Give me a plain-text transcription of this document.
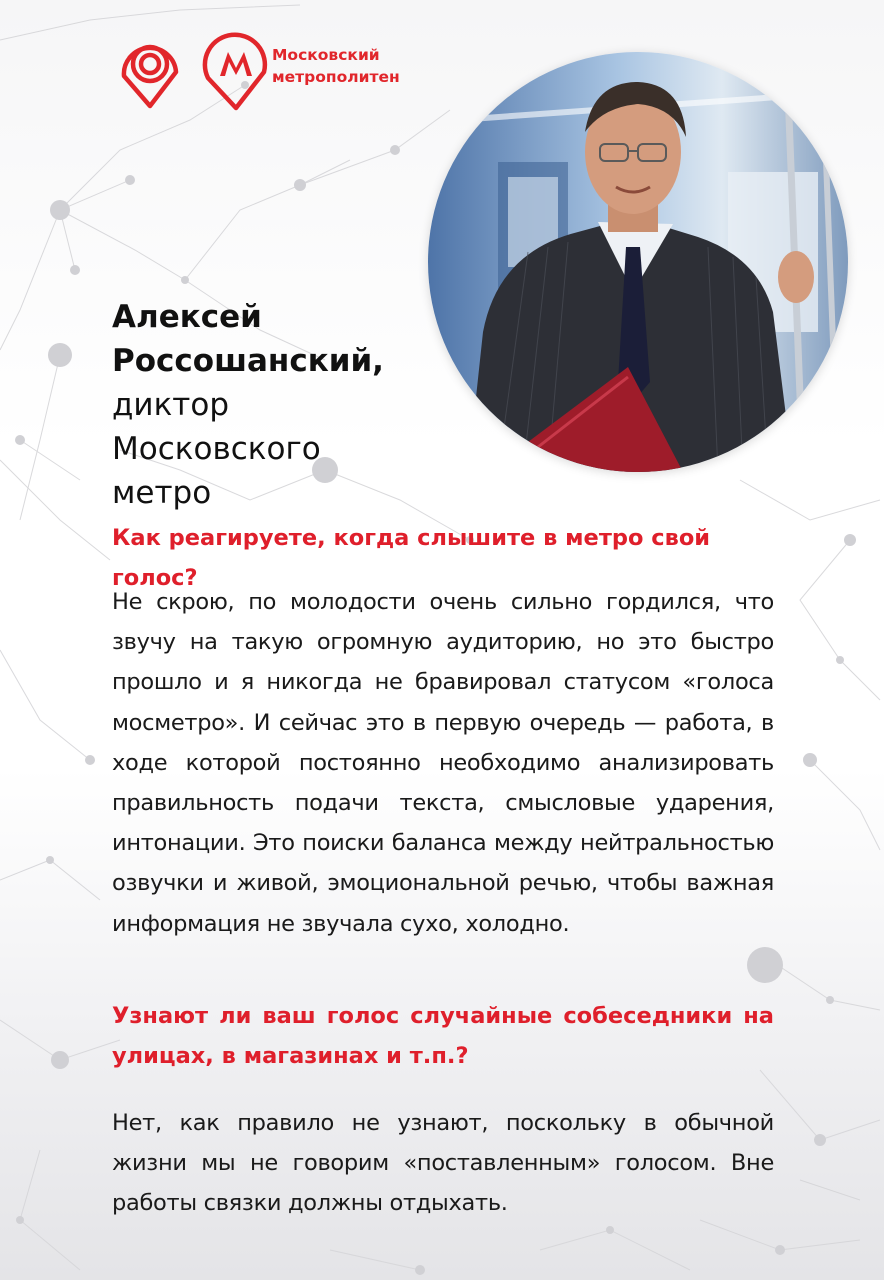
Московский
метрополитен
Алексей
Россошанский,
диктор Московского
метро
Как реагируете, когда слышите в метро свой голос?
Не скрою, по молодости очень сильно гордился, что звучу на такую огромную аудиторию, но это быстро прошло и я никогда не бравировал статусом «голоса мосметро». И сейчас это в первую очередь — работа, в ходе которой постоянно необходимо анализировать правильность подачи текста, смысловые ударения, интонации. Это поиски баланса между нейтральностью озвучки и живой, эмоциональной речью, чтобы важная информация не звучала сухо, холодно.
Узнают ли ваш голос случайные собеседники на улицах, в магазинах и т.п.?
Нет, как правило не узнают, поскольку в обычной жизни мы не говорим «поставленным» голосом. Вне работы связки должны отдыхать.
